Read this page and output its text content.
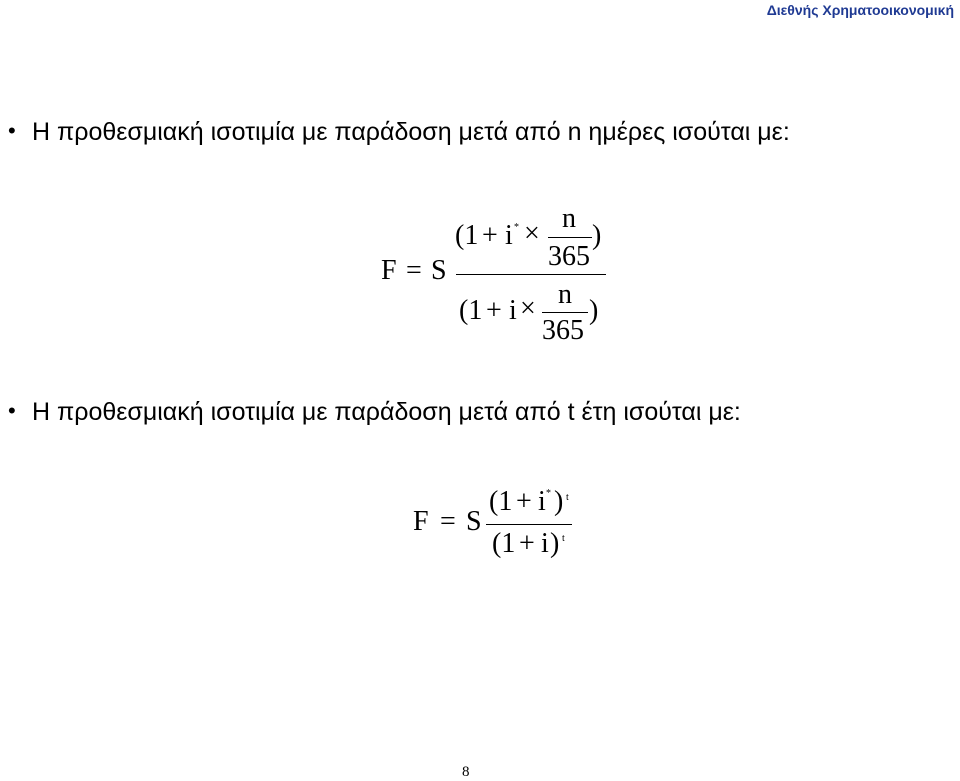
Διεθνής Χρηματοοικονομική
• Η προθεσμιακή ισοτιμία με παράδοση μετά από n ημέρες ισούται με:
F = S
(1 + i * × n
365
)
(1 + i × n
365
)
• Η προθεσμιακή ισοτιμία με παράδοση μετά από t έτη ισούται με:
F = S
(1 + i * ) t
(1 + i ) t
8
